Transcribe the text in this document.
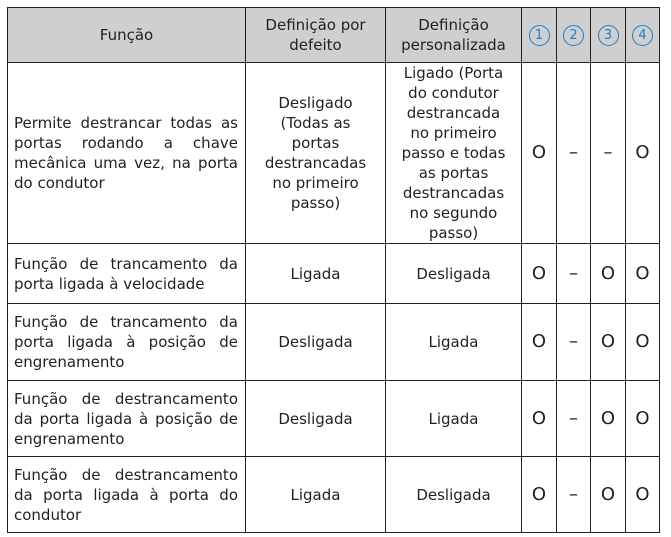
Função	Definição por defeito	Definição personalizada	1	2	3	4
Permite destrancar todas as portas rodando a chave mecânica uma vez, na porta do condutor	Desligado (Todas as portas destrancadas no primeiro passo)	Ligado (Porta do condutor destrancada no primeiro passo e todas as portas destrancadas no segundo passo)	O	–	–	O
Função de trancamento da porta ligada à velocidade	Ligada	Desligada	O	–	O	O
Função de trancamento da porta ligada à posição de engrenamento	Desligada	Ligada	O	–	O	O
Função de destrancamento da porta ligada à posição de engrenamento	Desligada	Ligada	O	–	O	O
Função de destrancamento da porta ligada à porta do condutor	Ligada	Desligada	O	–	O	O
